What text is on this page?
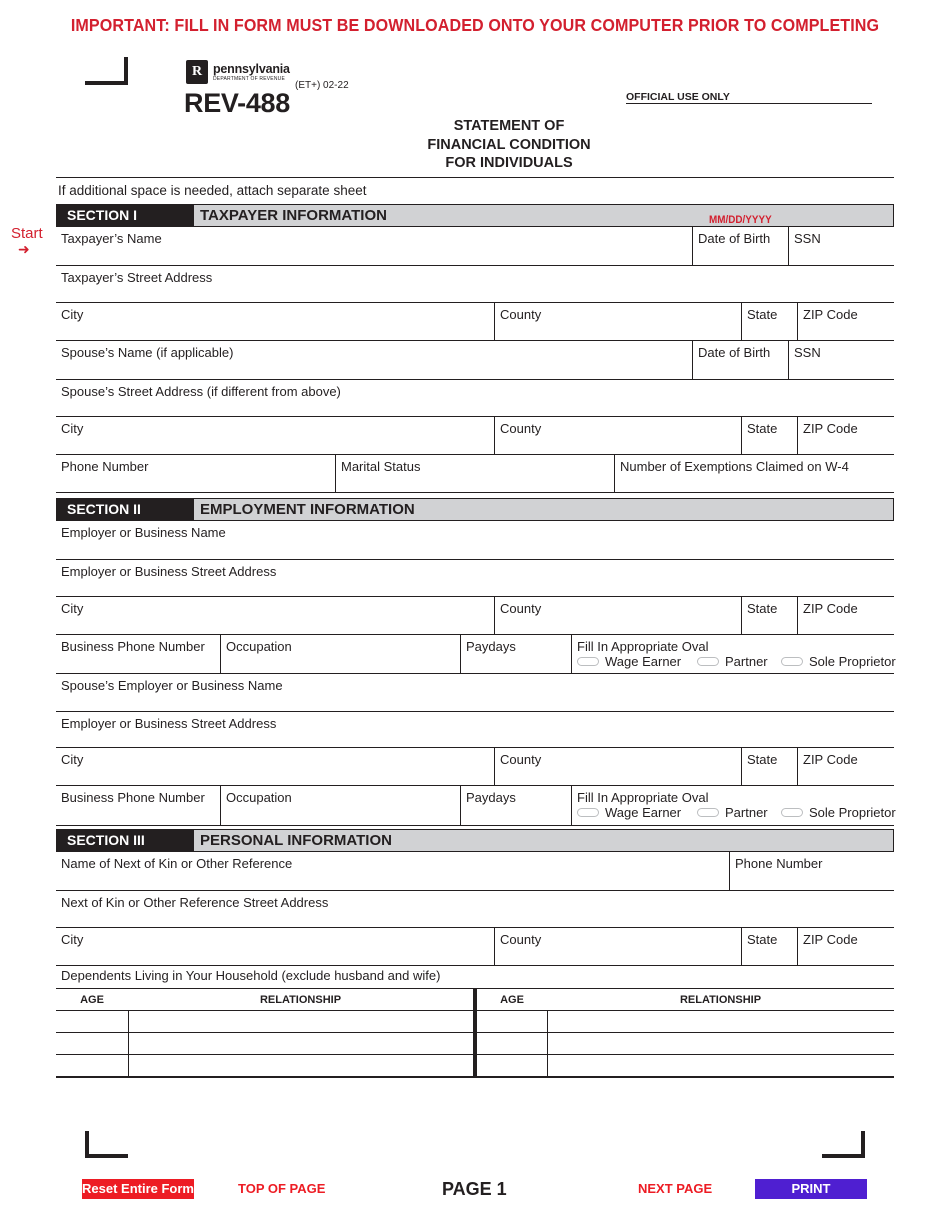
IMPORTANT: FILL IN FORM MUST BE DOWNLOADED ONTO YOUR COMPUTER PRIOR TO COMPLETING
R pennsylvania
DEPARTMENT OF REVENUE
(ET+) 02-22
REV-488	OFFICIAL USE ONLY
STATEMENT OF
FINANCIAL CONDITION
FOR INDIVIDUALS
If additional space is needed, attach separate sheet
Start
➜
SECTION I	TAXPAYER INFORMATION	MM/DD/YYYY
Taxpayer’s Name	Date of Birth SSN
Taxpayer’s Street Address
City	County	State ZIP Code
Spouse’s Name (if applicable)	Date of Birth SSN
Spouse’s Street Address (if different from above)
City	County	State ZIP Code
Phone Number	Marital Status	Number of Exemptions Claimed on W-4
SECTION II	EMPLOYMENT INFORMATION
Employer or Business Name
Employer or Business Street Address
City	County	State ZIP Code
Business Phone Number Occupation	Paydays	Fill In Appropriate Oval
Wage Earner	Partner	Sole Proprietor
Spouse’s Employer or Business Name
Employer or Business Street Address
City	County	State ZIP Code
Business Phone Number Occupation	Paydays	Fill In Appropriate Oval
Wage Earner	Partner	Sole Proprietor
SECTION III	PERSONAL INFORMATION
Name of Next of Kin or Other Reference	Phone Number
Next of Kin or Other Reference Street Address
City	County	State ZIP Code
Dependents Living in Your Household (exclude husband and wife)
AGE	RELATIONSHIP	AGE	RELATIONSHIP

Reset Entire Form	TOP OF PAGE	PAGE 1	NEXT PAGE	PRINT
